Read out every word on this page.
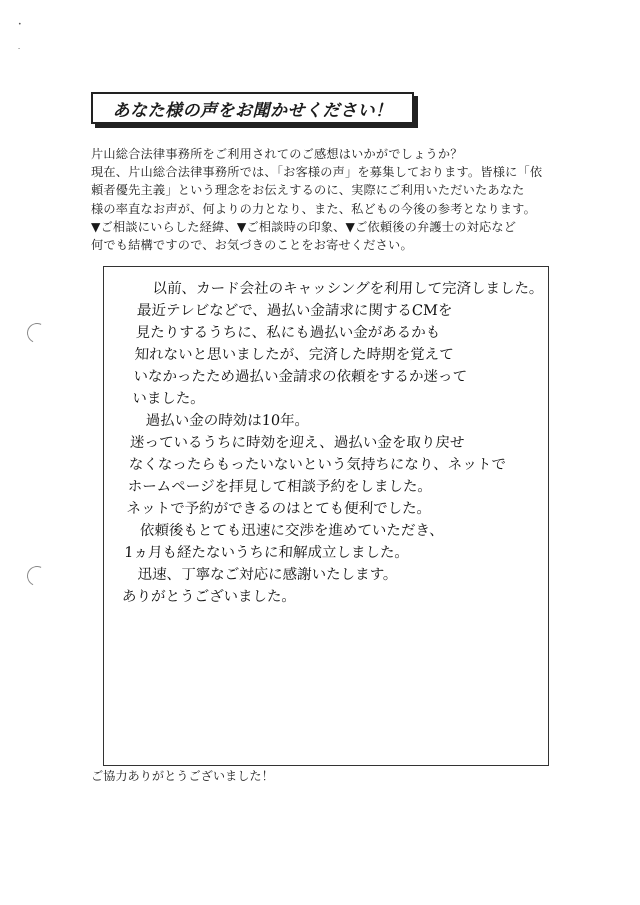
•
-
あなた様の声をお聞かせください！
片山総合法律事務所をご利用されてのご感想はいかがでしょうか？
現在、片山総合法律事務所では、「お客様の声」を募集しております。皆様に「依
頼者優先主義」という理念をお伝えするのに、実際にご利用いただいたあなた
様の率直なお声が、何よりの力となり、また、私どもの今後の参考となります。
▼ご相談にいらした経緯、▼ご相談時の印象、▼ご依頼後の弁護士の対応など
何でも結構ですので、お気づきのことをお寄せください。
　以前、カード会社のキャッシングを利用して完済しました。
最近テレビなどで、過払い金請求に関するCMを
見たりするうちに、私にも過払い金があるかも
知れないと思いましたが、完済した時期を覚えて
いなかったため過払い金請求の依頼をするか迷って
いました。
　過払い金の時効は10年。
迷っているうちに時効を迎え、過払い金を取り戻せ
なくなったらもったいないという気持ちになり、ネットで
ホームページを拝見して相談予約をしました。
ネットで予約ができるのはとても便利でした。
　依頼後もとても迅速に交渉を進めていただき、
1ヵ月も経たないうちに和解成立しました。
　迅速、丁寧なご対応に感謝いたします。
ありがとうございました。
ご協力ありがとうございました！
